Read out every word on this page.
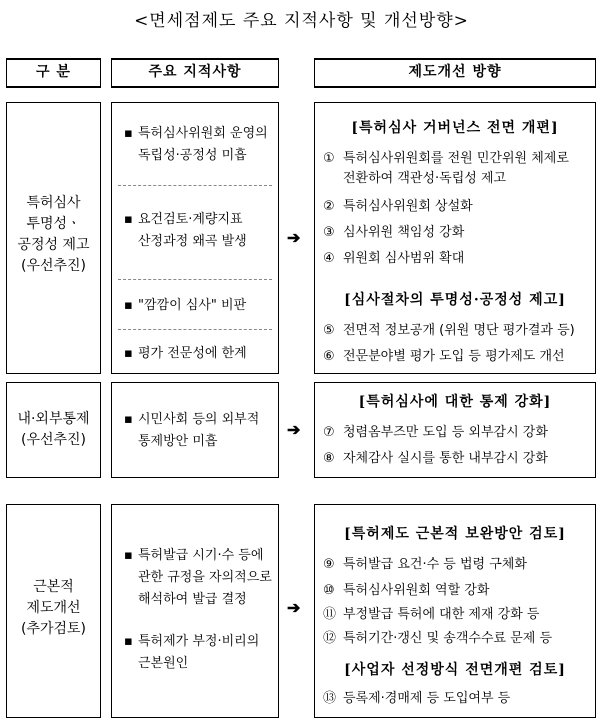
<면세점제도 주요 지적사항 및 개선방향>
구 분	주요 지적사항	제도개선 방향
특허심사
투명성ㆍ
공정성 제고
(우선추진)
▪ 특허심사위원회 운영의
독립성·공정성 미흡
▪ 요건검토·계량지표
산정과정 왜곡 발생
▪ "깜깜이 심사" 비판
▪ 평가 전문성에 한계
➔
[특허심사 거버넌스 전면 개편]
① 특허심사위원회를 전원 민간위원 체제로
전환하여 객관성·독립성 제고
② 특허심사위원회 상설화
③ 심사위원 책임성 강화
④ 위원회 심사범위 확대
[심사절차의 투명성·공정성 제고]
⑤ 전면적 정보공개 (위원 명단 평가결과 등)
⑥ 전문분야별 평가 도입 등 평가제도 개선
내·외부통제
(우선추진)
▪ 시민사회 등의 외부적
통제방안 미흡
➔
[특허심사에 대한 통제 강화]
⑦ 청렴옴부즈만 도입 등 외부감시 강화
⑧ 자체감사 실시를 통한 내부감시 강화
근본적
제도개선
(추가검토)
▪ 특허발급 시기·수 등에
관한 규정을 자의적으로
해석하여 발급 결정
▪ 특허제가 부정·비리의
근본원인
➔
[특허제도 근본적 보완방안 검토]
⑨ 특허발급 요건·수 등 법령 구체화
⑩ 특허심사위원회 역할 강화
⑪ 부정발급 특허에 대한 제재 강화 등
⑫ 특허기간·갱신 및 송객수수료 문제 등
[사업자 선정방식 전면개편 검토]
⑬ 등록제·경매제 등 도입여부 등
